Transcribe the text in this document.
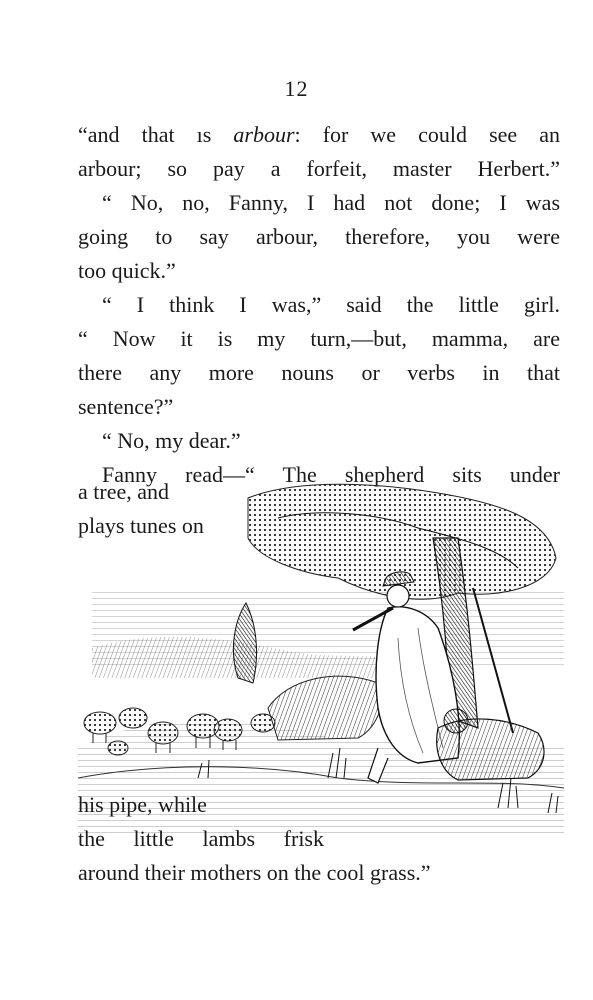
12
“and that ıs arbour: for we could see an
arbour; so pay a forfeit, master Herbert.”
“ No, no, Fanny, I had not done; I was
going to say arbour, therefore, you were
too quick.”
“ I think I was,” said the little girl.
“ Now it is my turn,—but, mamma, are
there any more nouns or verbs in that
sentence?”
“ No, my dear.”
Fanny read—“ The shepherd sits under
a tree, and
plays tunes on
his pipe, while
the little lambs frisk
around their mothers on the cool grass.”
